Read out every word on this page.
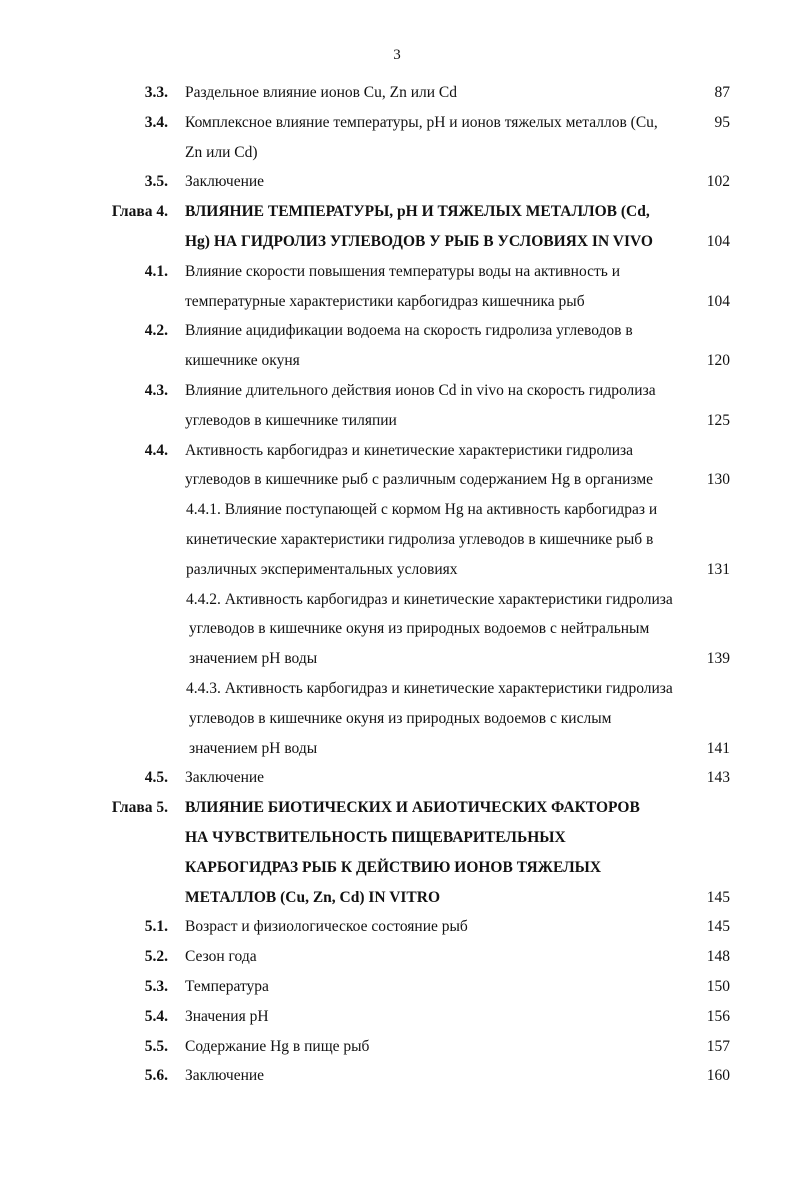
3
3.3. Раздельное влияние ионов Cu, Zn или Cd	87
3.4. Комплексное влияние температуры, pH и ионов тяжелых металлов (Cu,	95
Zn или Cd)
3.5. Заключение	102
Глава 4. ВЛИЯНИЕ ТЕМПЕРАТУРЫ, pH И ТЯЖЕЛЫХ МЕТАЛЛОВ (Cd,
Hg) НА ГИДРОЛИЗ УГЛЕВОДОВ У РЫБ В УСЛОВИЯХ IN VIVO	104
4.1. Влияние скорости повышения температуры воды на активность и
температурные характеристики карбогидраз кишечника рыб	104
4.2. Влияние ацидификации водоема на скорость гидролиза углеводов в
кишечнике окуня	120
4.3. Влияние длительного действия ионов Cd in vivo на скорость гидролиза
углеводов в кишечнике тиляпии	125
4.4. Активность карбогидраз и кинетические характеристики гидролиза
углеводов в кишечнике рыб с различным содержанием Hg в организме	130
4.4.1. Влияние поступающей с кормом Hg на активность карбогидраз и
кинетические характеристики гидролиза углеводов в кишечнике рыб в
различных экспериментальных условиях	131
4.4.2. Активность карбогидраз и кинетические характеристики гидролиза
углеводов в кишечнике окуня из природных водоемов с нейтральным
значением pH воды	139
4.4.3. Активность карбогидраз и кинетические характеристики гидролиза
углеводов в кишечнике окуня из природных водоемов с кислым
значением pH воды	141
4.5. Заключение	143
Глава 5. ВЛИЯНИЕ БИОТИЧЕСКИХ И АБИОТИЧЕСКИХ ФАКТОРОВ
НА ЧУВСТВИТЕЛЬНОСТЬ ПИЩЕВАРИТЕЛЬНЫХ
КАРБОГИДРАЗ РЫБ К ДЕЙСТВИЮ ИОНОВ ТЯЖЕЛЫХ
МЕТАЛЛОВ (Cu, Zn, Cd) IN VITRO	145
5.1. Возраст и физиологическое состояние рыб	145
5.2. Сезон года	148
5.3. Температура	150
5.4. Значения pH	156
5.5. Содержание Hg в пище рыб	157
5.6. Заключение	160
